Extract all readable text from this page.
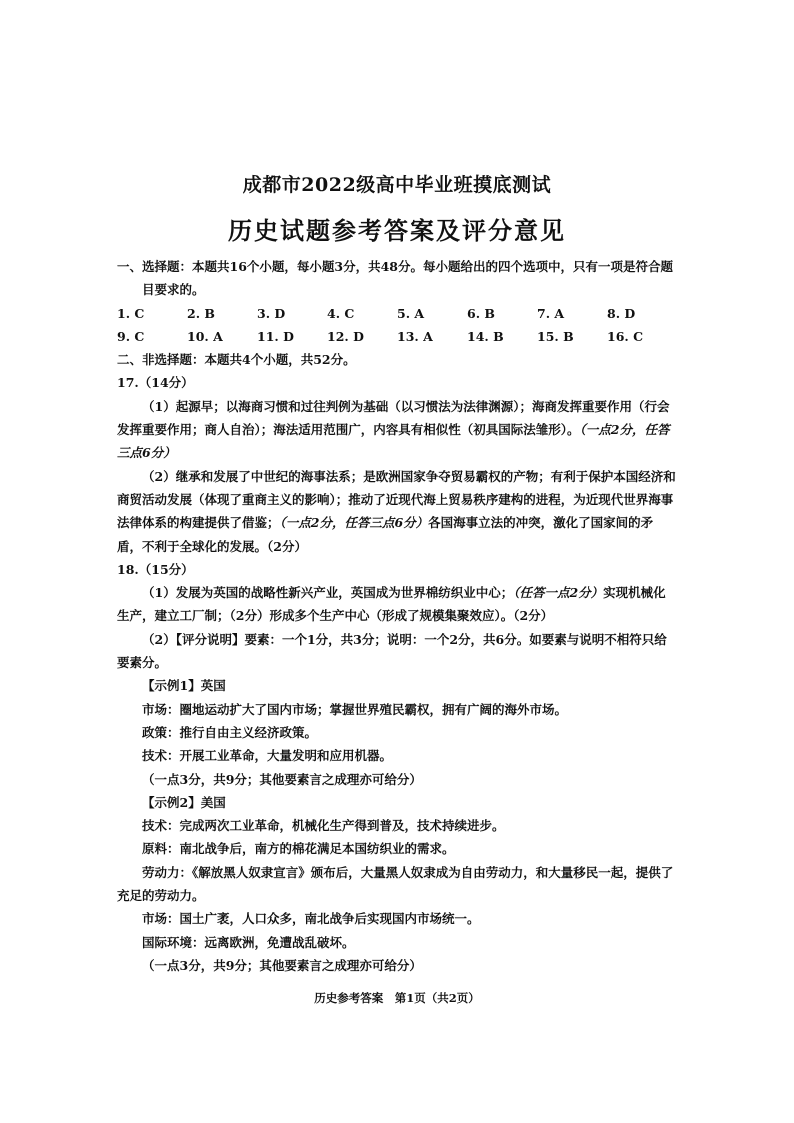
成都市2022级高中毕业班摸底测试
历史试题参考答案及评分意见

一、选择题：本题共16个小题，每小题3分，共48分。每小题给出的四个选项中，只有一项是符合题目要求的。

1. C	2. B	3. D	4. C	5. A	6. B	7. A	8. D
9. C	10. A	11. D	12. D	13. A	14. B	15. B	16. C

二、非选择题：本题共4个小题，共52分。

17.（14分）

（1）起源早；以海商习惯和过往判例为基础（以习惯法为法律渊源）；海商发挥重要作用（行会发挥重要作用；商人自治）；海法适用范围广，内容具有相似性（初具国际法雏形）。（一点2分，任答三点6分）

（2）继承和发展了中世纪的海事法系；是欧洲国家争夺贸易霸权的产物；有利于保护本国经济和商贸活动发展（体现了重商主义的影响）；推动了近现代海上贸易秩序建构的进程，为近现代世界海事法律体系的构建提供了借鉴；（一点2分，任答三点6分）各国海事立法的冲突，激化了国家间的矛盾，不利于全球化的发展。（2分）

18.（15分）

（1）发展为英国的战略性新兴产业，英国成为世界棉纺织业中心；（任答一点2分）实现机械化生产，建立工厂制；（2分）形成多个生产中心（形成了规模集聚效应）。（2分）

（2）【评分说明】要素：一个1分，共3分；说明：一个2分，共6分。如要素与说明不相符只给要素分。

【示例1】英国

市场：圈地运动扩大了国内市场；掌握世界殖民霸权，拥有广阔的海外市场。

政策：推行自由主义经济政策。

技术：开展工业革命，大量发明和应用机器。

（一点3分，共9分；其他要素言之成理亦可给分）

【示例2】美国

技术：完成两次工业革命，机械化生产得到普及，技术持续进步。

原料：南北战争后，南方的棉花满足本国纺织业的需求。

劳动力：《解放黑人奴隶宣言》颁布后，大量黑人奴隶成为自由劳动力，和大量移民一起，提供了充足的劳动力。

市场：国土广袤，人口众多，南北战争后实现国内市场统一。

国际环境：远离欧洲，免遭战乱破坏。

（一点3分，共9分；其他要素言之成理亦可给分）

历史参考答案　第1页（共2页）
